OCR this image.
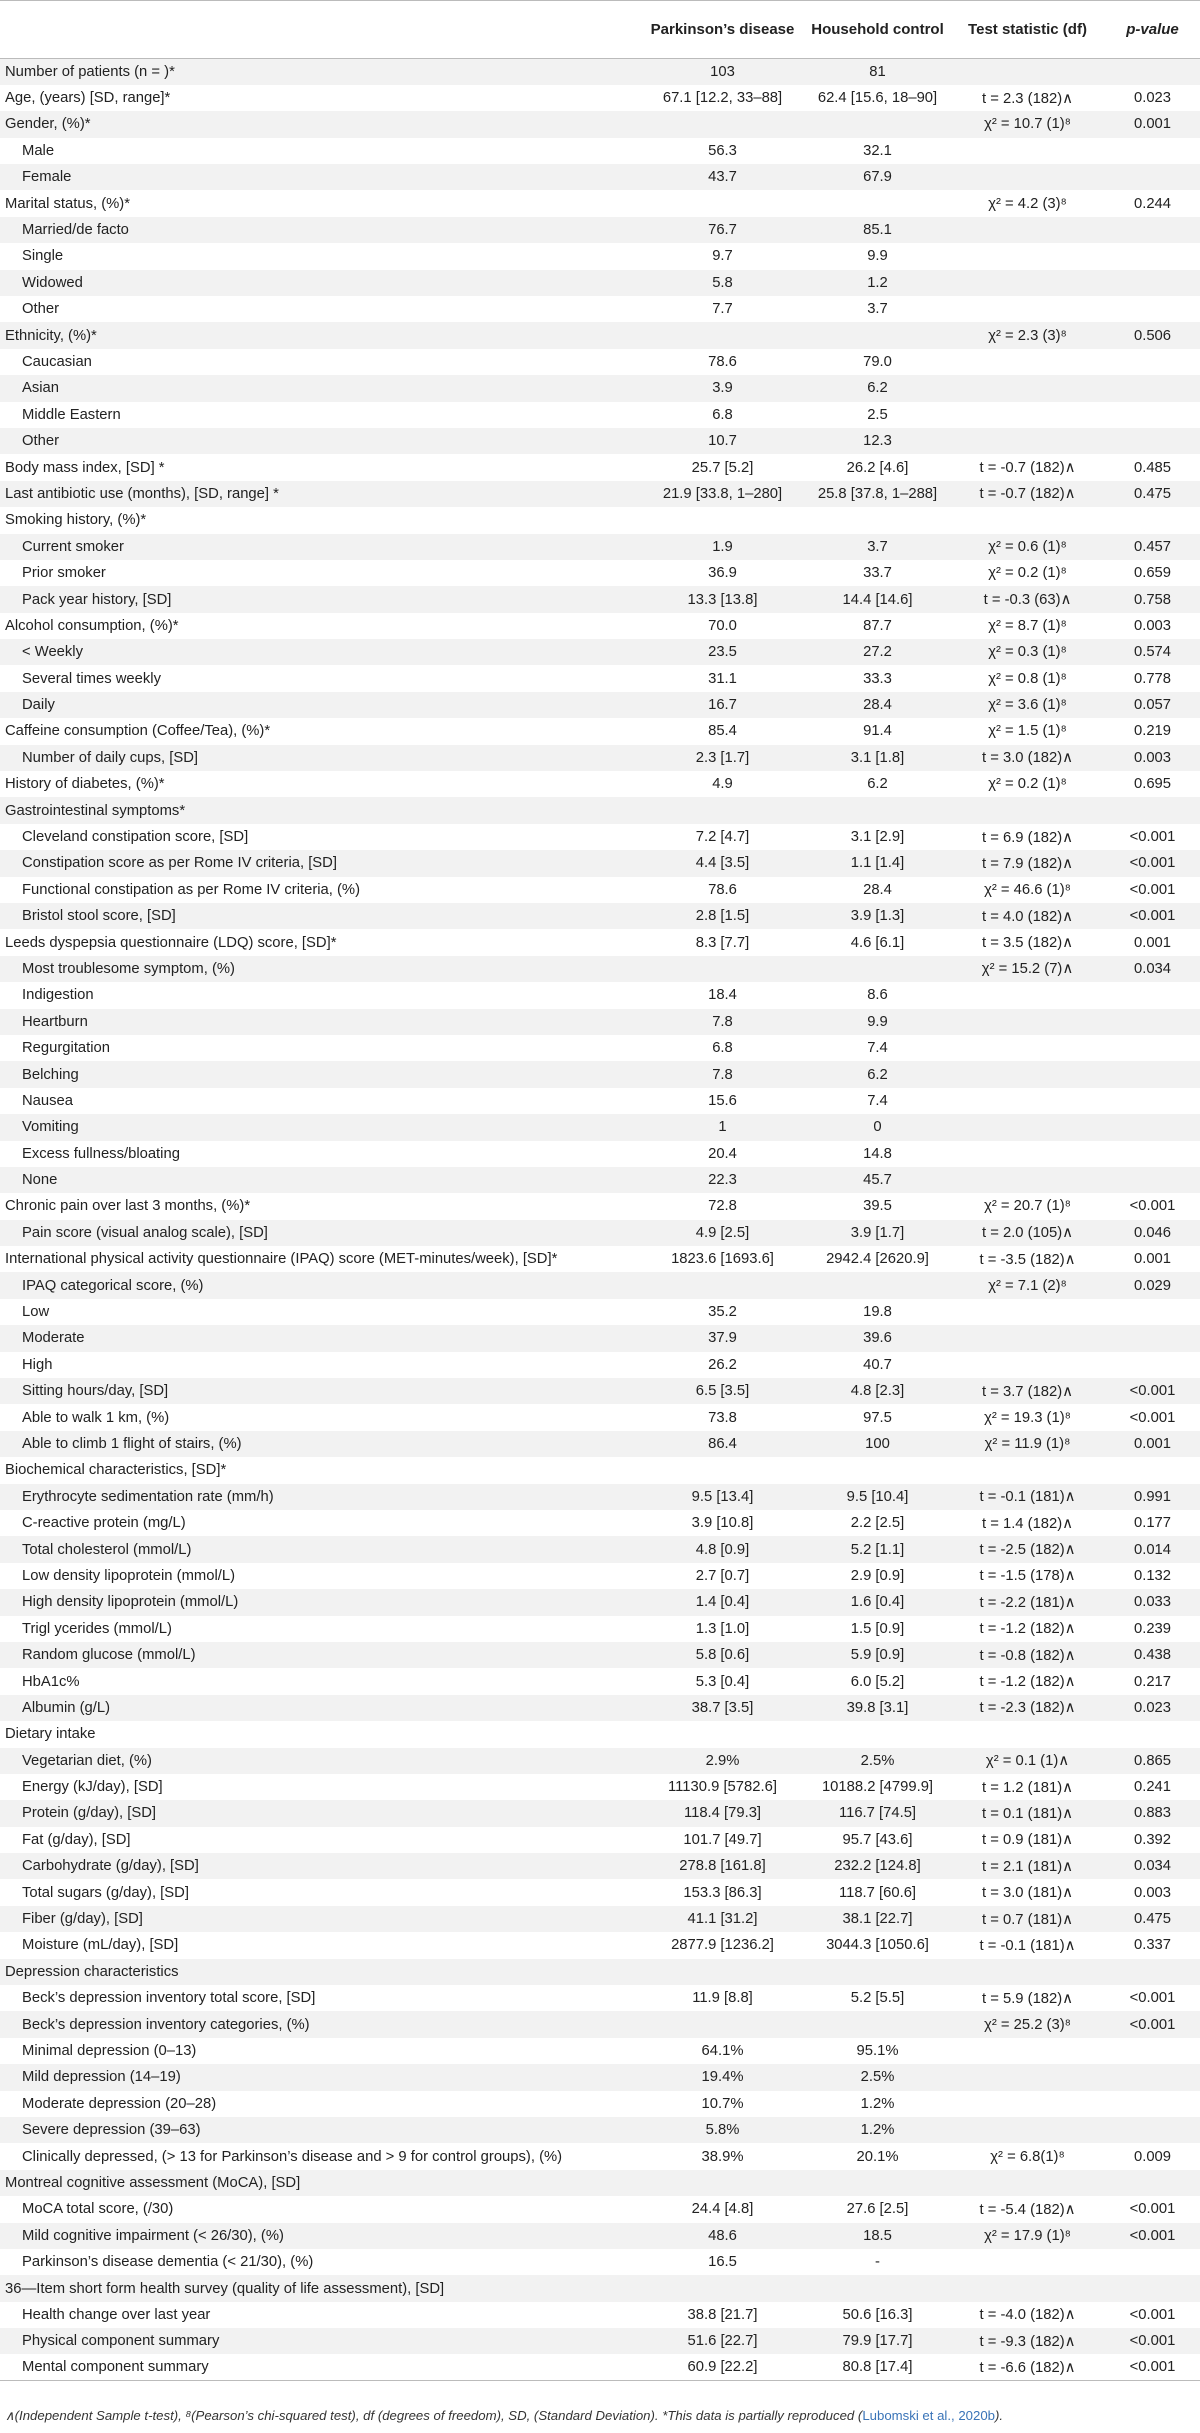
	Parkinson’s disease	Household control	Test statistic (df)	p-value
Number of patients (n = )*	103	81		
Age, (years) [SD, range]*	67.1 [12.2, 33–88]	62.4 [15.6, 18–90]	t = 2.3 (182)∧	0.023
Gender, (%)*			χ² = 10.7 (1)⁸	0.001
Male	56.3	32.1		
Female	43.7	67.9		
Marital status, (%)*			χ² = 4.2 (3)⁸	0.244
Married/de facto	76.7	85.1		
Single	9.7	9.9		
Widowed	5.8	1.2		
Other	7.7	3.7		
Ethnicity, (%)*			χ² = 2.3 (3)⁸	0.506
Caucasian	78.6	79.0		
Asian	3.9	6.2		
Middle Eastern	6.8	2.5		
Other	10.7	12.3		
Body mass index, [SD] *	25.7 [5.2]	26.2 [4.6]	t = -0.7 (182)∧	0.485
Last antibiotic use (months), [SD, range] *	21.9 [33.8, 1–280]	25.8 [37.8, 1–288]	t = -0.7 (182)∧	0.475
Smoking history, (%)*				
Current smoker	1.9	3.7	χ² = 0.6 (1)⁸	0.457
Prior smoker	36.9	33.7	χ² = 0.2 (1)⁸	0.659
Pack year history, [SD]	13.3 [13.8]	14.4 [14.6]	t = -0.3 (63)∧	0.758
Alcohol consumption, (%)*	70.0	87.7	χ² = 8.7 (1)⁸	0.003
< Weekly	23.5	27.2	χ² = 0.3 (1)⁸	0.574
Several times weekly	31.1	33.3	χ² = 0.8 (1)⁸	0.778
Daily	16.7	28.4	χ² = 3.6 (1)⁸	0.057
Caffeine consumption (Coffee/Tea), (%)*	85.4	91.4	χ² = 1.5 (1)⁸	0.219
Number of daily cups, [SD]	2.3 [1.7]	3.1 [1.8]	t = 3.0 (182)∧	0.003
History of diabetes, (%)*	4.9	6.2	χ² = 0.2 (1)⁸	0.695
Gastrointestinal symptoms*				
Cleveland constipation score, [SD]	7.2 [4.7]	3.1 [2.9]	t = 6.9 (182)∧	<0.001
Constipation score as per Rome IV criteria, [SD]	4.4 [3.5]	1.1 [1.4]	t = 7.9 (182)∧	<0.001
Functional constipation as per Rome IV criteria, (%)	78.6	28.4	χ² = 46.6 (1)⁸	<0.001
Bristol stool score, [SD]	2.8 [1.5]	3.9 [1.3]	t = 4.0 (182)∧	<0.001
Leeds dyspepsia questionnaire (LDQ) score, [SD]*	8.3 [7.7]	4.6 [6.1]	t = 3.5 (182)∧	0.001
Most troublesome symptom, (%)			χ² = 15.2 (7)∧	0.034
Indigestion	18.4	8.6		
Heartburn	7.8	9.9		
Regurgitation	6.8	7.4		
Belching	7.8	6.2		
Nausea	15.6	7.4		
Vomiting	1	0		
Excess fullness/bloating	20.4	14.8		
None	22.3	45.7		
Chronic pain over last 3 months, (%)*	72.8	39.5	χ² = 20.7 (1)⁸	<0.001
Pain score (visual analog scale), [SD]	4.9 [2.5]	3.9 [1.7]	t = 2.0 (105)∧	0.046
International physical activity questionnaire (IPAQ) score (MET-minutes/week), [SD]*	1823.6 [1693.6]	2942.4 [2620.9]	t = -3.5 (182)∧	0.001
IPAQ categorical score, (%)			χ² = 7.1 (2)⁸	0.029
Low	35.2	19.8		
Moderate	37.9	39.6		
High	26.2	40.7		
Sitting hours/day, [SD]	6.5 [3.5]	4.8 [2.3]	t = 3.7 (182)∧	<0.001
Able to walk 1 km, (%)	73.8	97.5	χ² = 19.3 (1)⁸	<0.001
Able to climb 1 flight of stairs, (%)	86.4	100	χ² = 11.9 (1)⁸	0.001
Biochemical characteristics, [SD]*				
Erythrocyte sedimentation rate (mm/h)	9.5 [13.4]	9.5 [10.4]	t = -0.1 (181)∧	0.991
C-reactive protein (mg/L)	3.9 [10.8]	2.2 [2.5]	t = 1.4 (182)∧	0.177
Total cholesterol (mmol/L)	4.8 [0.9]	5.2 [1.1]	t = -2.5 (182)∧	0.014
Low density lipoprotein (mmol/L)	2.7 [0.7]	2.9 [0.9]	t = -1.5 (178)∧	0.132
High density lipoprotein (mmol/L)	1.4 [0.4]	1.6 [0.4]	t = -2.2 (181)∧	0.033
Trigl ycerides (mmol/L)	1.3 [1.0]	1.5 [0.9]	t = -1.2 (182)∧	0.239
Random glucose (mmol/L)	5.8 [0.6]	5.9 [0.9]	t = -0.8 (182)∧	0.438
HbA1c%	5.3 [0.4]	6.0 [5.2]	t = -1.2 (182)∧	0.217
Albumin (g/L)	38.7 [3.5]	39.8 [3.1]	t = -2.3 (182)∧	0.023
Dietary intake				
Vegetarian diet, (%)	2.9%	2.5%	χ² = 0.1 (1)∧	0.865
Energy (kJ/day), [SD]	11130.9 [5782.6]	10188.2 [4799.9]	t = 1.2 (181)∧	0.241
Protein (g/day), [SD]	118.4 [79.3]	116.7 [74.5]	t = 0.1 (181)∧	0.883
Fat (g/day), [SD]	101.7 [49.7]	95.7 [43.6]	t = 0.9 (181)∧	0.392
Carbohydrate (g/day), [SD]	278.8 [161.8]	232.2 [124.8]	t = 2.1 (181)∧	0.034
Total sugars (g/day), [SD]	153.3 [86.3]	118.7 [60.6]	t = 3.0 (181)∧	0.003
Fiber (g/day), [SD]	41.1 [31.2]	38.1 [22.7]	t = 0.7 (181)∧	0.475
Moisture (mL/day), [SD]	2877.9 [1236.2]	3044.3 [1050.6]	t = -0.1 (181)∧	0.337
Depression characteristics				
Beck’s depression inventory total score, [SD]	11.9 [8.8]	5.2 [5.5]	t = 5.9 (182)∧	<0.001
Beck’s depression inventory categories, (%)			χ² = 25.2 (3)⁸	<0.001
Minimal depression (0–13)	64.1%	95.1%		
Mild depression (14–19)	19.4%	2.5%		
Moderate depression (20–28)	10.7%	1.2%		
Severe depression (39–63)	5.8%	1.2%		
Clinically depressed, (> 13 for Parkinson’s disease and > 9 for control groups), (%)	38.9%	20.1%	χ² = 6.8(1)⁸	0.009
Montreal cognitive assessment (MoCA), [SD]				
MoCA total score, (/30)	24.4 [4.8]	27.6 [2.5]	t = -5.4 (182)∧	<0.001
Mild cognitive impairment (< 26/30), (%)	48.6	18.5	χ² = 17.9 (1)⁸	<0.001
Parkinson’s disease dementia (< 21/30), (%)	16.5	-		
36—Item short form health survey (quality of life assessment), [SD]				
Health change over last year	38.8 [21.7]	50.6 [16.3]	t = -4.0 (182)∧	<0.001
Physical component summary	51.6 [22.7]	79.9 [17.7]	t = -9.3 (182)∧	<0.001
Mental component summary	60.9 [22.2]	80.8 [17.4]	t = -6.6 (182)∧	<0.001
∧(Independent Sample t-test), ⁸(Pearson’s chi-squared test), df (degrees of freedom), SD, (Standard Deviation). *This data is partially reproduced (Lubomski et al., 2020b).
